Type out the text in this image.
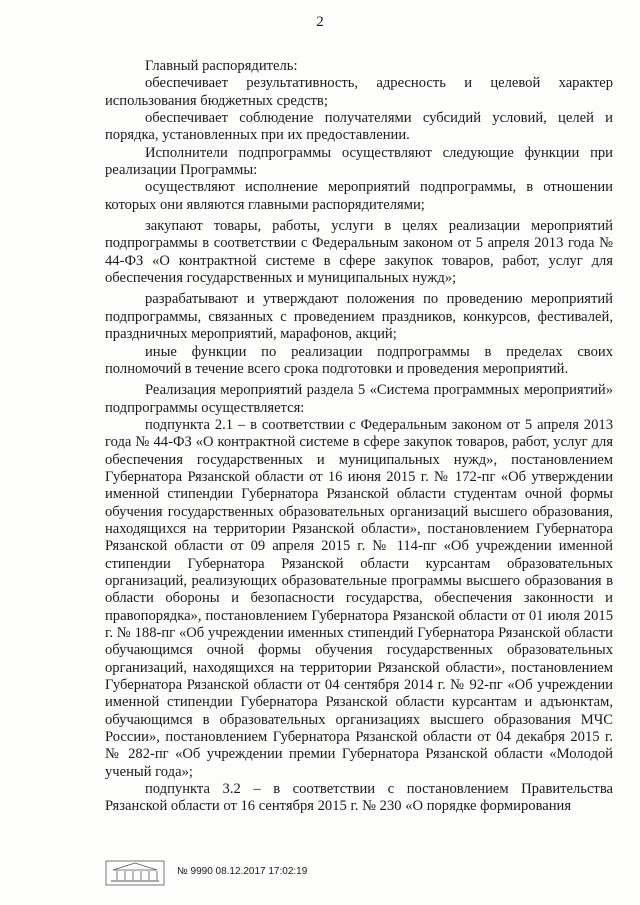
2

Главный распорядитель:

обеспечивает результативность, адресность и целевой характер использования бюджетных средств;

обеспечивает соблюдение получателями субсидий условий, целей и порядка, установленных при их предоставлении.

Исполнители подпрограммы осуществляют следующие функции при реализации Программы:

осуществляют исполнение мероприятий подпрограммы, в отношении которых они являются главными распорядителями;

закупают товары, работы, услуги в целях реализации мероприятий подпрограммы в соответствии с Федеральным законом от 5 апреля 2013 года № 44-ФЗ «О контрактной системе в сфере закупок товаров, работ, услуг для обеспечения государственных и муниципальных нужд»;

разрабатывают и утверждают положения по проведению мероприятий подпрограммы, связанных с проведением праздников, конкурсов, фестивалей, праздничных мероприятий, марафонов, акций;

иные функции по реализации подпрограммы в пределах своих полномочий в течение всего срока подготовки и проведения мероприятий.

Реализация мероприятий раздела 5 «Система программных мероприятий» подпрограммы осуществляется:

подпункта 2.1 – в соответствии с Федеральным законом от 5 апреля 2013 года № 44-ФЗ «О контрактной системе в сфере закупок товаров, работ, услуг для обеспечения государственных и муниципальных нужд», постановлением Губернатора Рязанской области от 16 июня 2015 г. № 172-пг «Об утверждении именной стипендии Губернатора Рязанской области студентам очной формы обучения государственных образовательных организаций высшего образования, находящихся на территории Рязанской области», постановлением Губернатора Рязанской области от 09 апреля 2015 г. № 114-пг «Об учреждении именной стипендии Губернатора Рязанской области курсантам образовательных организаций, реализующих образовательные программы высшего образования в области обороны и безопасности государства, обеспечения законности и правопорядка», постановлением Губернатора Рязанской области от 01 июля 2015 г. № 188-пг «Об учреждении именных стипендий Губернатора Рязанской области обучающимся очной формы обучения государственных образовательных организаций, находящихся на территории Рязанской области», постановлением Губернатора Рязанской области от 04 сентября 2014 г. № 92-пг «Об учреждении именной стипендии Губернатора Рязанской области курсантам и адъюнктам, обучающимся в образовательных организациях высшего образования МЧС России», постановлением Губернатора Рязанской области от 04 декабря 2015 г. № 282-пг «Об учреждении премии Губернатора Рязанской области «Молодой ученый года»;

подпункта 3.2 – в соответствии с постановлением Правительства Рязанской области от 16 сентября 2015 г. № 230 «О порядке формирования

№ 9990 08.12.2017 17:02:19
